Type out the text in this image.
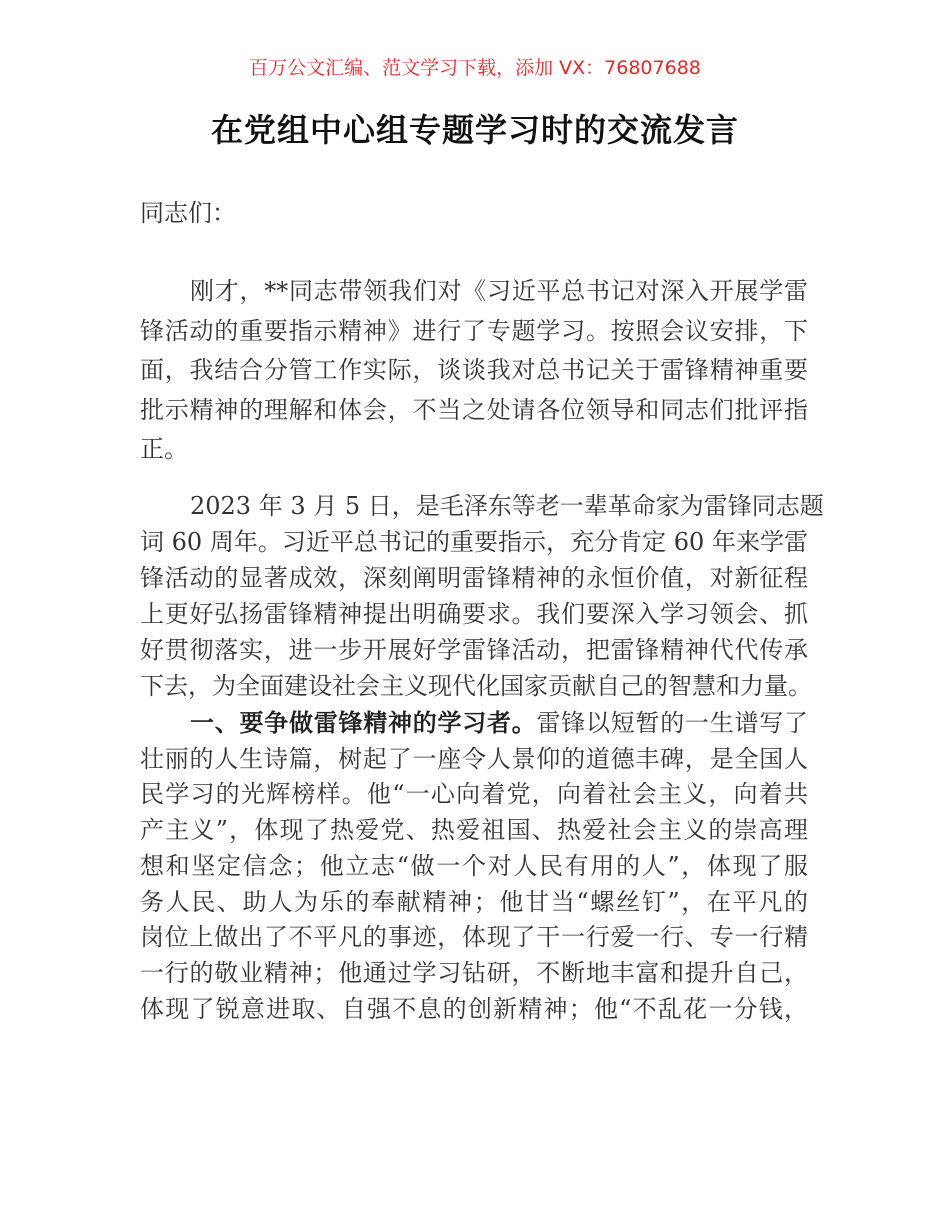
百万公文汇编、范文学习下载，添加 VX：76807688
在党组中心组专题学习时的交流发言
同志们：
刚才，**同志带领我们对《习近平总书记对深入开展学雷
锋活动的重要指示精神》进行了专题学习。按照会议安排，下
面，我结合分管工作实际，谈谈我对总书记关于雷锋精神重要
批示精神的理解和体会，不当之处请各位领导和同志们批评指
正。
2023 年 3 月 5 日，是毛泽东等老一辈革命家为雷锋同志题
词 60 周年。习近平总书记的重要指示，充分肯定 60 年来学雷
锋活动的显著成效，深刻阐明雷锋精神的永恒价值，对新征程
上更好弘扬雷锋精神提出明确要求。我们要深入学习领会、抓
好贯彻落实，进一步开展好学雷锋活动，把雷锋精神代代传承
下去，为全面建设社会主义现代化国家贡献自己的智慧和力量。
一、要争做雷锋精神的学习者。雷锋以短暂的一生谱写了
壮丽的人生诗篇，树起了一座令人景仰的道德丰碑，是全国人
民学习的光辉榜样。他“一心向着党，向着社会主义，向着共
产主义”，体现了热爱党、热爱祖国、热爱社会主义的崇高理
想和坚定信念；他立志“做一个对人民有用的人”，体现了服
务人民、助人为乐的奉献精神；他甘当“螺丝钉”，在平凡的
岗位上做出了不平凡的事迹，体现了干一行爱一行、专一行精
一行的敬业精神；他通过学习钻研，不断地丰富和提升自己，
体现了锐意进取、自强不息的创新精神；他“不乱花一分钱，
